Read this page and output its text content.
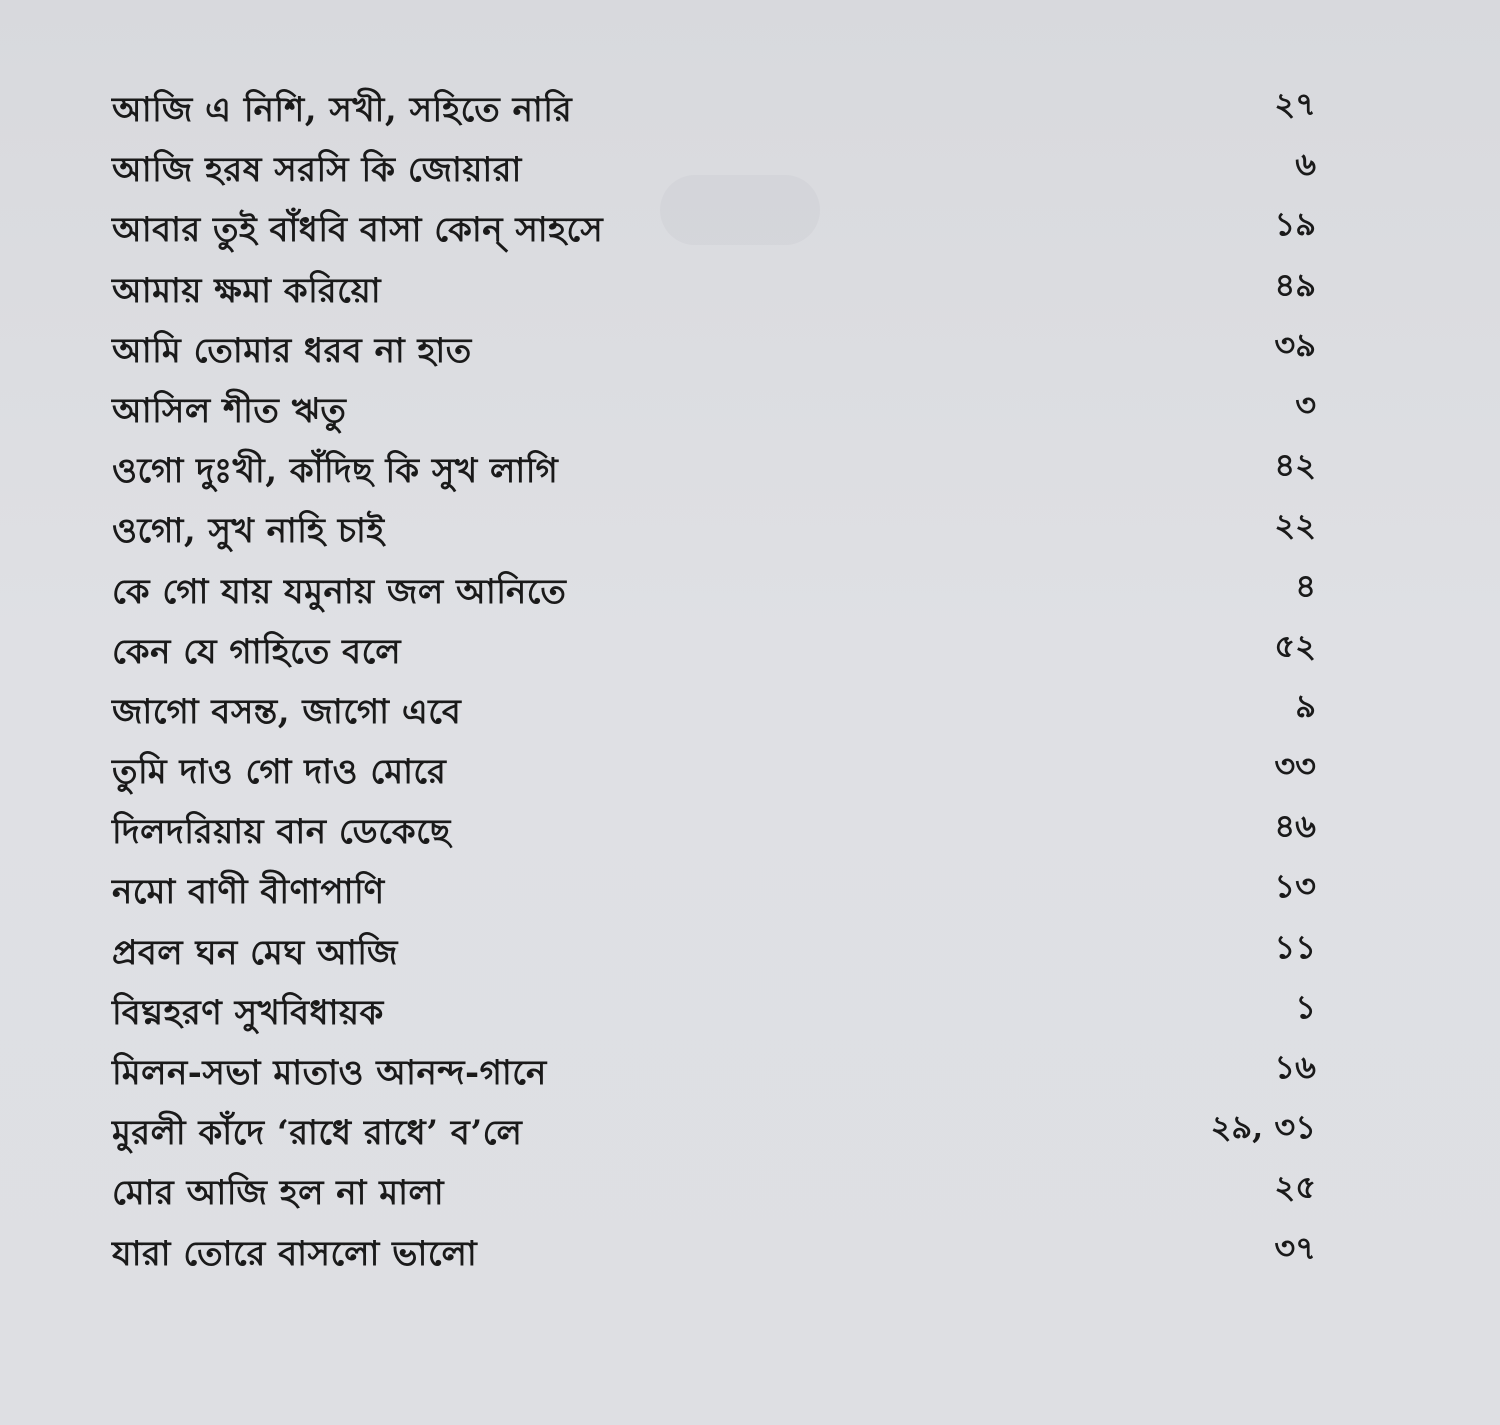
আজি এ নিশি, সখী, সহিতে নারি	২৭
আজি হরষ সরসি কি জোয়ারা	৬
আবার তুই বাঁধবি বাসা কোন্ সাহসে	১৯
আমায় ক্ষমা করিয়ো	৪৯
আমি তোমার ধরব না হাত	৩৯
আসিল শীত ঋতু	৩
ওগো দুঃখী, কাঁদিছ কি সুখ লাগি	৪২
ওগো, সুখ নাহি চাই	২২
কে গো যায় যমুনায় জল আনিতে	৪
কেন যে গাহিতে বলে	৫২
জাগো বসন্ত, জাগো এবে	৯
তুমি দাও গো দাও মোরে	৩৩
দিলদরিয়ায় বান ডেকেছে	৪৬
নমো বাণী বীণাপাণি	১৩
প্রবল ঘন মেঘ আজি	১১
বিঘ্নহরণ সুখবিধায়ক	১
মিলন-সভা মাতাও আনন্দ-গানে	১৬
মুরলী কাঁদে ‘রাধে রাধে’ ব’লে	২৯, ৩১
মোর আজি হল না মালা	২৫
যারা তোরে বাসলো ভালো	৩৭
